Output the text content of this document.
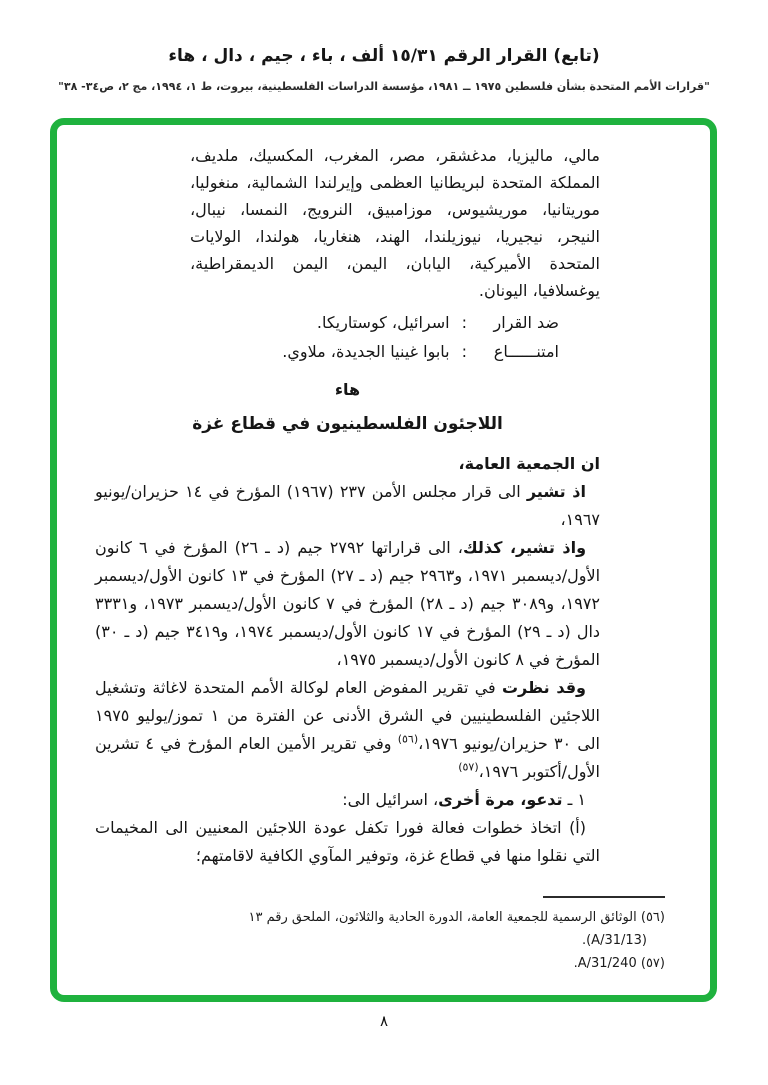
(تابع) القرار الرقم ١٥/٣١ ألف ، باء ، جيم ، دال ، هاء
"قرارات الأمم المتحدة بشأن فلسطين ١٩٧٥ ــ ١٩٨١، مؤسسة الدراسات الفلسطينية، بيروت، ط ١، ١٩٩٤، مج ٢، ص٣٤- ٣٨"

مالي، ماليزيا، مدغشقر، مصر، المغرب، المكسيك، ملديف، المملكة المتحدة لبريطانيا العظمى وإيرلندا الشمالية، منغوليا، موريتانيا، موريشيوس، موزامبيق، النرويج، النمسا، نيبال، النيجر، نيجيريا، نيوزيلندا، الهند، هنغاريا، هولندا، الولايات المتحدة الأميركية، اليابان، اليمن، اليمن الديمقراطية، يوغسلافيا، اليونان.

ضد القرار
:
اسرائيل، كوستاريكا.
امتنــــــاع
:
بابوا غينيا الجديدة، ملاوي.

هاء

اللاجئون الفلسطينيون في قطاع غزة

ان الجمعية العامة،

اذ تشير الى قرار مجلس الأمن ٢٣٧ (١٩٦٧) المؤرخ في ١٤ حزيران/يونيو ١٩٦٧،

واذ تشير، كذلك، الى قراراتها ٢٧٩٢ جيم (د ـ ٢٦) المؤرخ في ٦ كانون الأول/ديسمبر ١٩٧١، و٢٩٦٣ جيم (د ـ ٢٧) المؤرخ في ١٣ كانون الأول/ديسمبر ١٩٧٢، و٣٠٨٩ جيم (د ـ ٢٨) المؤرخ في ٧ كانون الأول/ديسمبر ١٩٧٣، و٣٣٣١ دال (د ـ ٢٩) المؤرخ في ١٧ كانون الأول/ديسمبر ١٩٧٤، و٣٤١٩ جيم (د ـ ٣٠) المؤرخ في ٨ كانون الأول/ديسمبر ١٩٧٥،

وقد نظرت في تقرير المفوض العام لوكالة الأمم المتحدة لاغاثة وتشغيل اللاجئين الفلسطينيين في الشرق الأدنى عن الفترة من ١ تموز/يوليو ١٩٧٥ الى ٣٠ حزيران/يونيو ١٩٧٦،$^{(٥٦)}$ وفي تقرير الأمين العام المؤرخ في ٤ تشرين الأول/أكتوبر ١٩٧٦،$^{(٥٧)}$

١ ـ تدعو، مرة أخرى، اسرائيل الى:

(أ) اتخاذ خطوات فعالة فورا تكفل عودة اللاجئين المعنيين الى المخيمات التي نقلوا منها في قطاع غزة، وتوفير المآوي الكافية لاقامتهم؛

(٥٦) الوثائق الرسمية للجمعية العامة، الدورة الحادية والثلاثون، الملحق رقم ١٣

(A/31/13).

(٥٧) A/31/240.

٨
